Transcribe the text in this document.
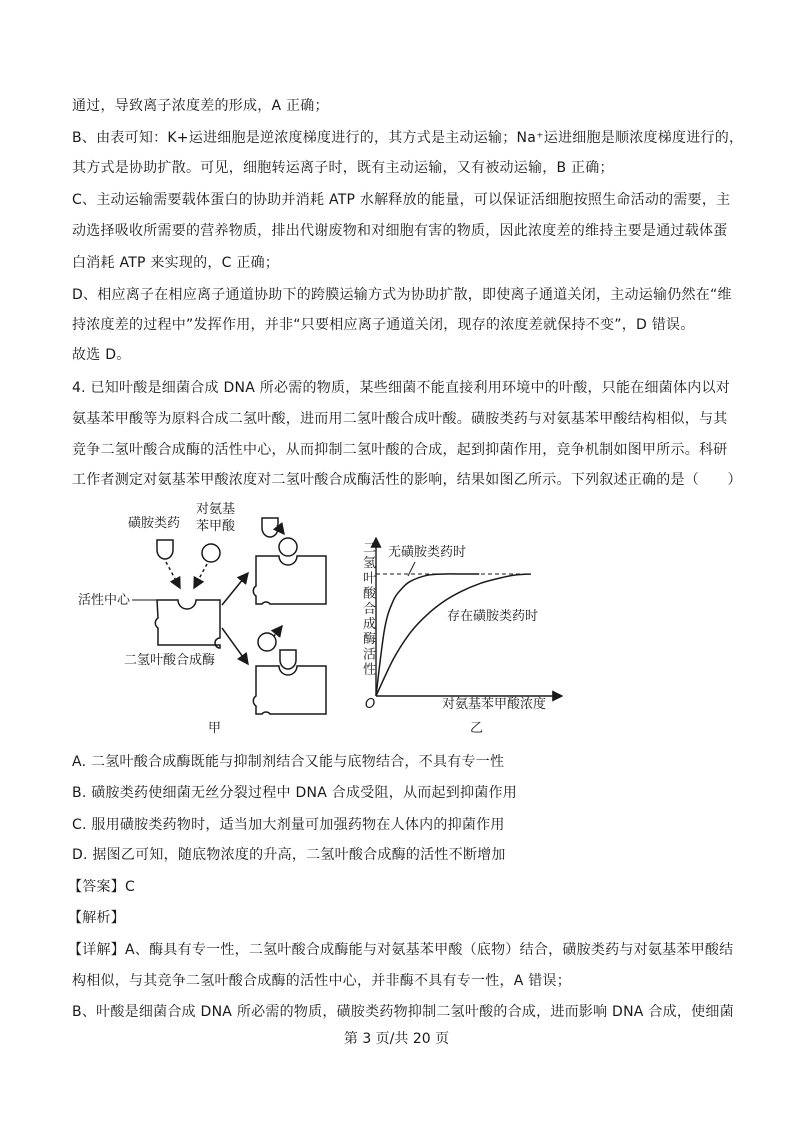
通过，导致离子浓度差的形成，A 正确；
B、由表可知：K+运进细胞是逆浓度梯度进行的，其方式是主动运输；Na⁺运进细胞是顺浓度梯度进行的，
其方式是协助扩散。可见，细胞转运离子时，既有主动运输，又有被动运输，B 正确；
C、主动运输需要载体蛋白的协助并消耗 ATP 水解释放的能量，可以保证活细胞按照生命活动的需要，主
动选择吸收所需要的营养物质，排出代谢废物和对细胞有害的物质，因此浓度差的维持主要是通过载体蛋
白消耗 ATP 来实现的，C 正确；
D、相应离子在相应离子通道协助下的跨膜运输方式为协助扩散，即使离子通道关闭，主动运输仍然在“维
持浓度差的过程中”发挥作用，并非“只要相应离子通道关闭，现存的浓度差就保持不变”，D 错误。
故选 D。
4. 已知叶酸是细菌合成 DNA 所必需的物质，某些细菌不能直接利用环境中的叶酸，只能在细菌体内以对
氨基苯甲酸等为原料合成二氢叶酸，进而用二氢叶酸合成叶酸。磺胺类药与对氨基苯甲酸结构相似，与其
竞争二氢叶酸合成酶的活性中心，从而抑制二氢叶酸的合成，起到抑菌作用，竞争机制如图甲所示。科研
工作者测定对氨基苯甲酸浓度对二氢叶酸合成酶活性的影响，结果如图乙所示。下列叙述正确的是（　　）
磺胺类药
对氨基
苯甲酸
活性中心
二氢叶酸合成酶
甲
O	对氨基苯甲酸浓度
二氢叶酸合成酶活性
无磺胺类药时
存在磺胺类药时
乙
A. 二氢叶酸合成酶既能与抑制剂结合又能与底物结合，不具有专一性
B. 磺胺类药使细菌无丝分裂过程中 DNA 合成受阻，从而起到抑菌作用
C. 服用磺胺类药物时，适当加大剂量可加强药物在人体内的抑菌作用
D. 据图乙可知，随底物浓度的升高，二氢叶酸合成酶的活性不断增加
【答案】C
【解析】
【详解】A、酶具有专一性，二氢叶酸合成酶能与对氨基苯甲酸（底物）结合，磺胺类药与对氨基苯甲酸结
构相似，与其竞争二氢叶酸合成酶的活性中心，并非酶不具有专一性，A 错误；
B、叶酸是细菌合成 DNA 所必需的物质，磺胺类药物抑制二氢叶酸的合成，进而影响 DNA 合成，使细菌
第 3 页/共 20 页
